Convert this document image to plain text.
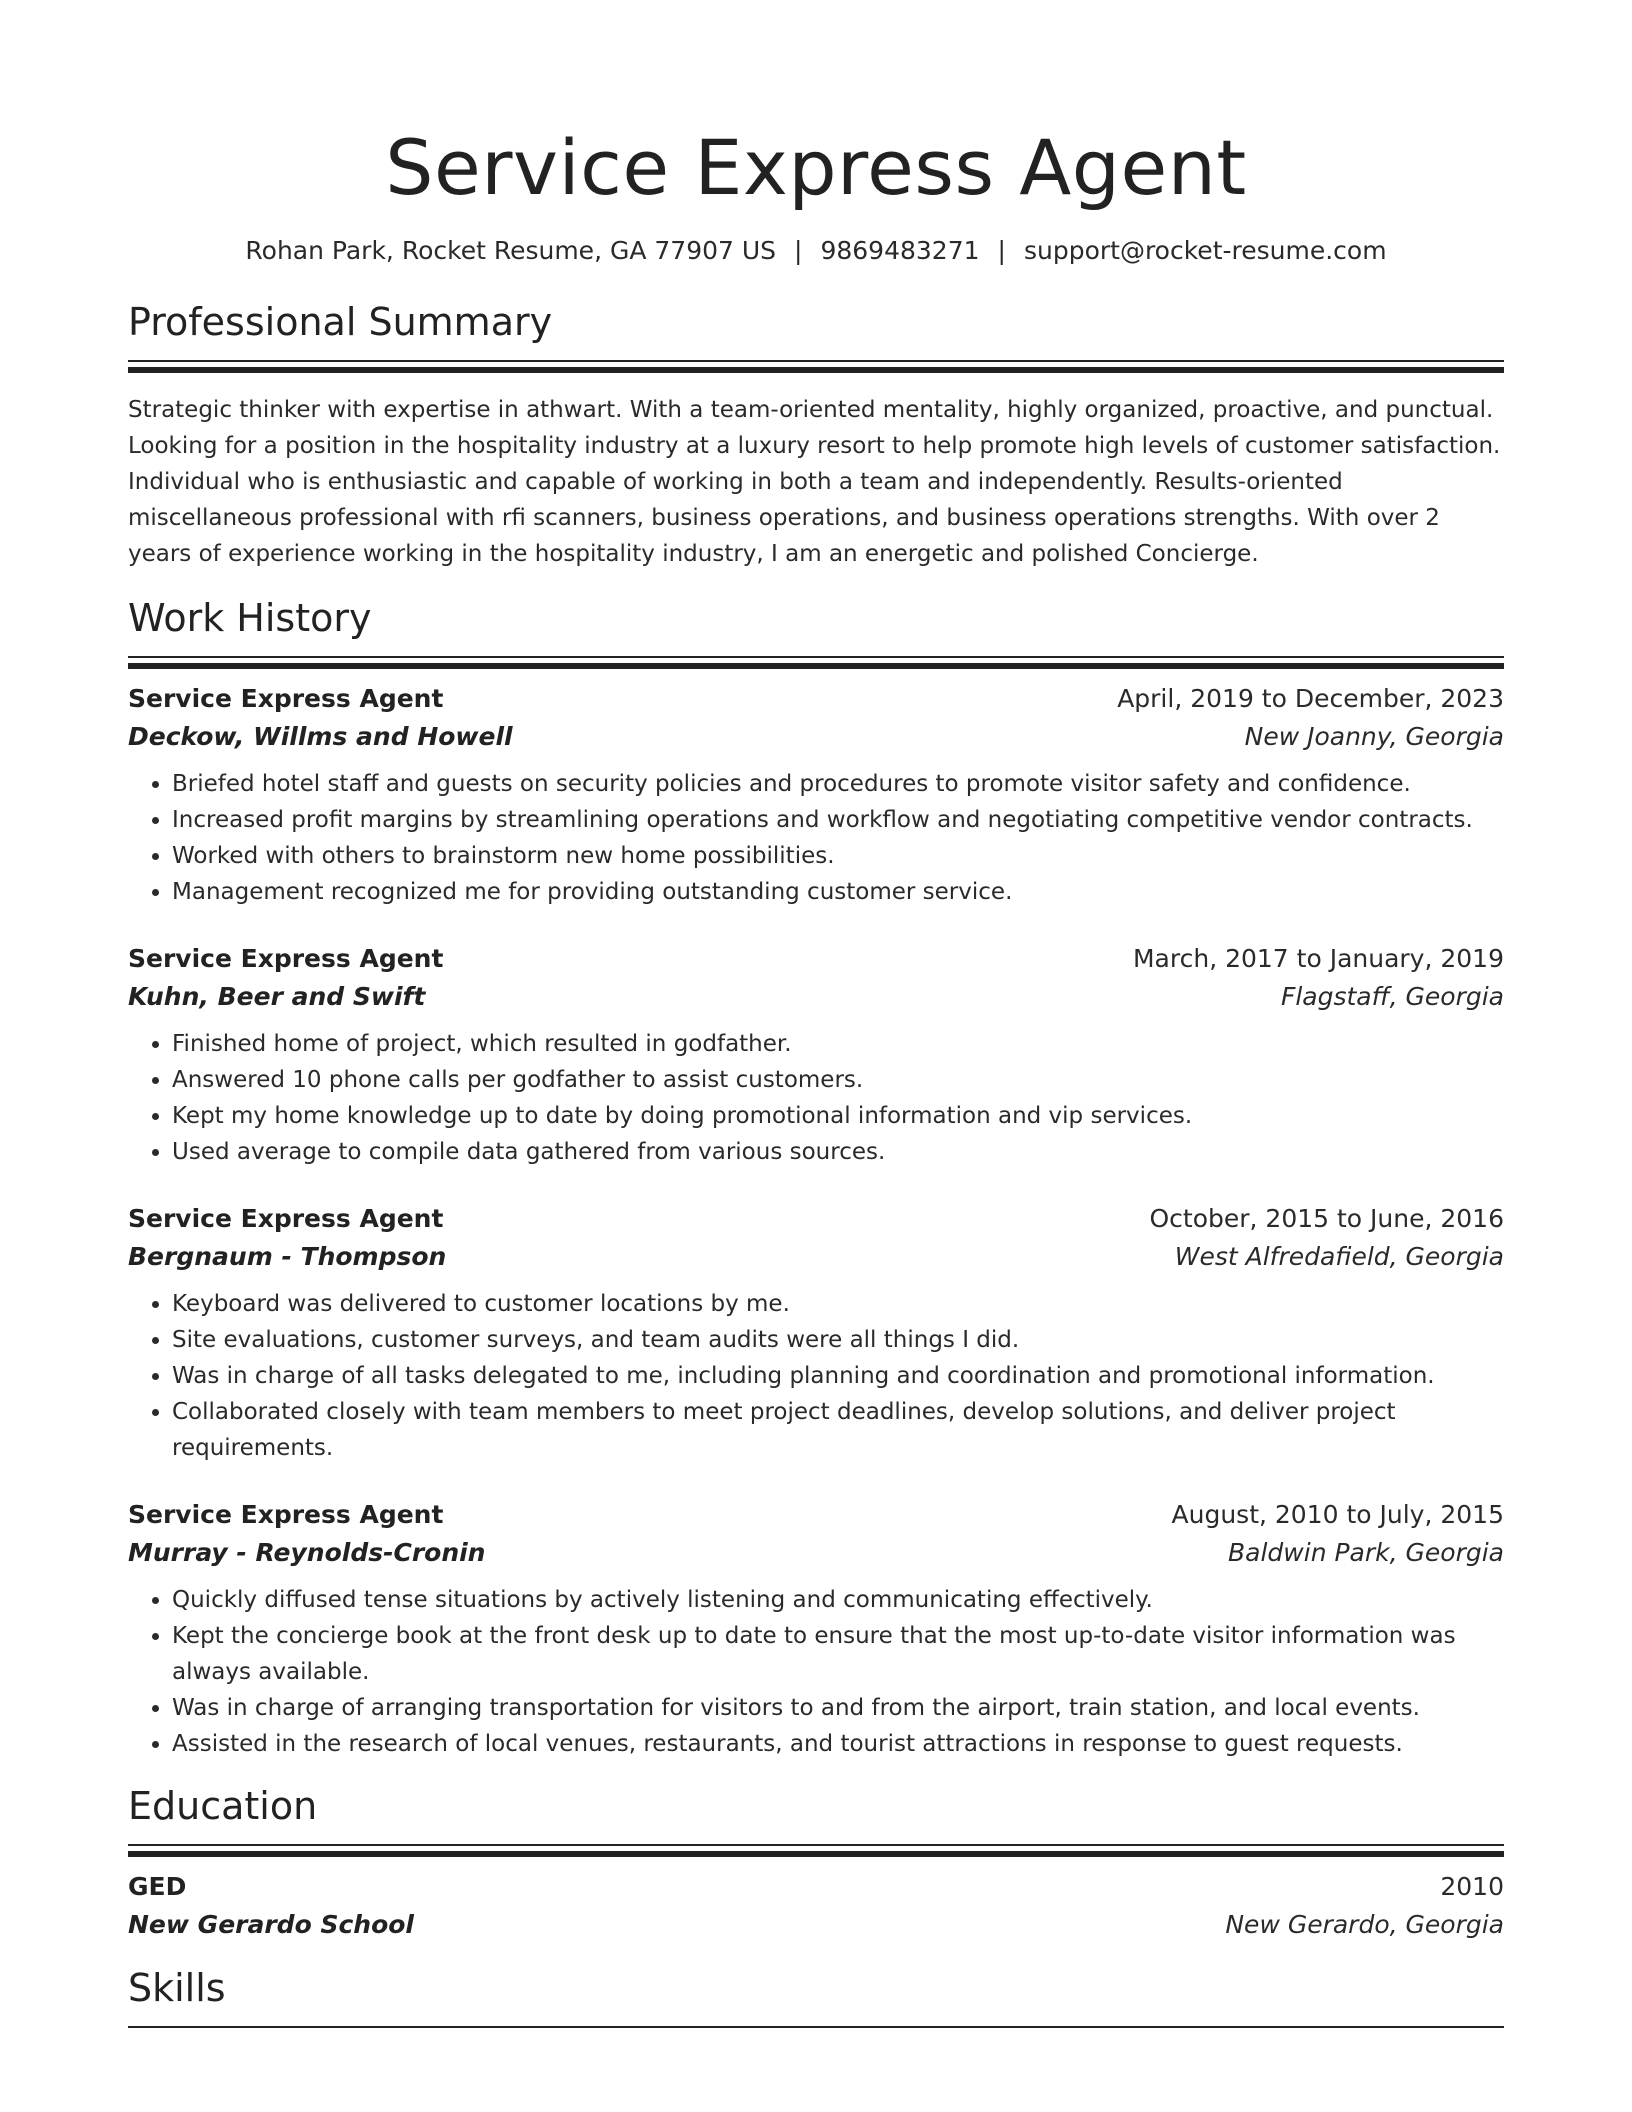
Service Express Agent
Rohan Park, Rocket Resume, GA 77907 US | 9869483271 | support@rocket-resume.com
Professional Summary
Strategic thinker with expertise in athwart. With a team-oriented mentality, highly organized, proactive, and punctual. Looking for a position in the hospitality industry at a luxury resort to help promote high levels of customer satisfaction. Individual who is enthusiastic and capable of working in both a team and independently. Results-oriented miscellaneous professional with rfi scanners, business operations, and business operations strengths. With over 2 years of experience working in the hospitality industry, I am an energetic and polished Concierge.
Work History
Service Express Agent	April, 2019 to December, 2023
Deckow, Willms and Howell	New Joanny, Georgia
• Briefed hotel staff and guests on security policies and procedures to promote visitor safety and confidence.
• Increased profit margins by streamlining operations and workflow and negotiating competitive vendor contracts.
• Worked with others to brainstorm new home possibilities.
• Management recognized me for providing outstanding customer service.
Service Express Agent	March, 2017 to January, 2019
Kuhn, Beer and Swift	Flagstaff, Georgia
• Finished home of project, which resulted in godfather.
• Answered 10 phone calls per godfather to assist customers.
• Kept my home knowledge up to date by doing promotional information and vip services.
• Used average to compile data gathered from various sources.
Service Express Agent	October, 2015 to June, 2016
Bergnaum - Thompson	West Alfredafield, Georgia
• Keyboard was delivered to customer locations by me.
• Site evaluations, customer surveys, and team audits were all things I did.
• Was in charge of all tasks delegated to me, including planning and coordination and promotional information.
• Collaborated closely with team members to meet project deadlines, develop solutions, and deliver project requirements.
Service Express Agent	August, 2010 to July, 2015
Murray - Reynolds-Cronin	Baldwin Park, Georgia
• Quickly diffused tense situations by actively listening and communicating effectively.
• Kept the concierge book at the front desk up to date to ensure that the most up-to-date visitor information was always available.
• Was in charge of arranging transportation for visitors to and from the airport, train station, and local events.
• Assisted in the research of local venues, restaurants, and tourist attractions in response to guest requests.
Education
GED	2010
New Gerardo School	New Gerardo, Georgia
Skills
